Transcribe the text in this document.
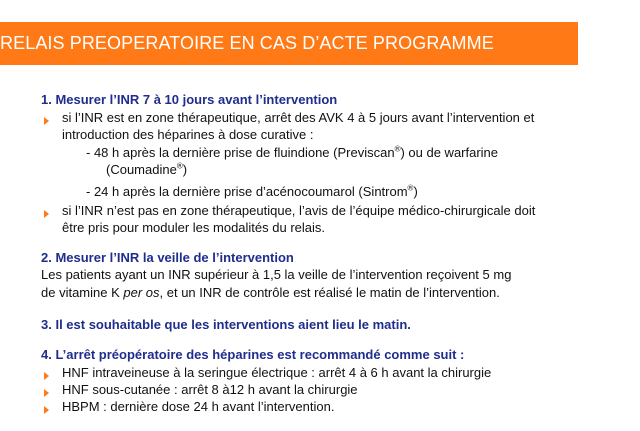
RELAIS PREOPERATOIRE EN CAS D’ACTE PROGRAMME

1. Mesurer l’INR 7 à 10 jours avant l’intervention

si l’INR est en zone thérapeutique, arrêt des AVK 4 à 5 jours avant l’intervention et

introduction des héparines à dose curative :

- 48 h après la dernière prise de fluindione (Previscan®) ou de warfarine

(Coumadine®)

- 24 h après la dernière prise d’acénocoumarol (Sintrom®)

si l’INR n’est pas en zone thérapeutique, l’avis de l’équipe médico-chirurgicale doit

être pris pour moduler les modalités du relais.

2. Mesurer l’INR la veille de l’intervention

Les patients ayant un INR supérieur à 1,5 la veille de l’intervention reçoivent 5 mg

de vitamine K per os, et un INR de contrôle est réalisé le matin de l’intervention.

3. Il est souhaitable que les interventions aient lieu le matin.

4. L’arrêt préopératoire des héparines est recommandé comme suit :

HNF intraveineuse à la seringue électrique : arrêt 4 à 6 h avant la chirurgie

HNF sous-cutanée : arrêt 8 à12 h avant la chirurgie

HBPM : dernière dose 24 h avant l’intervention.
